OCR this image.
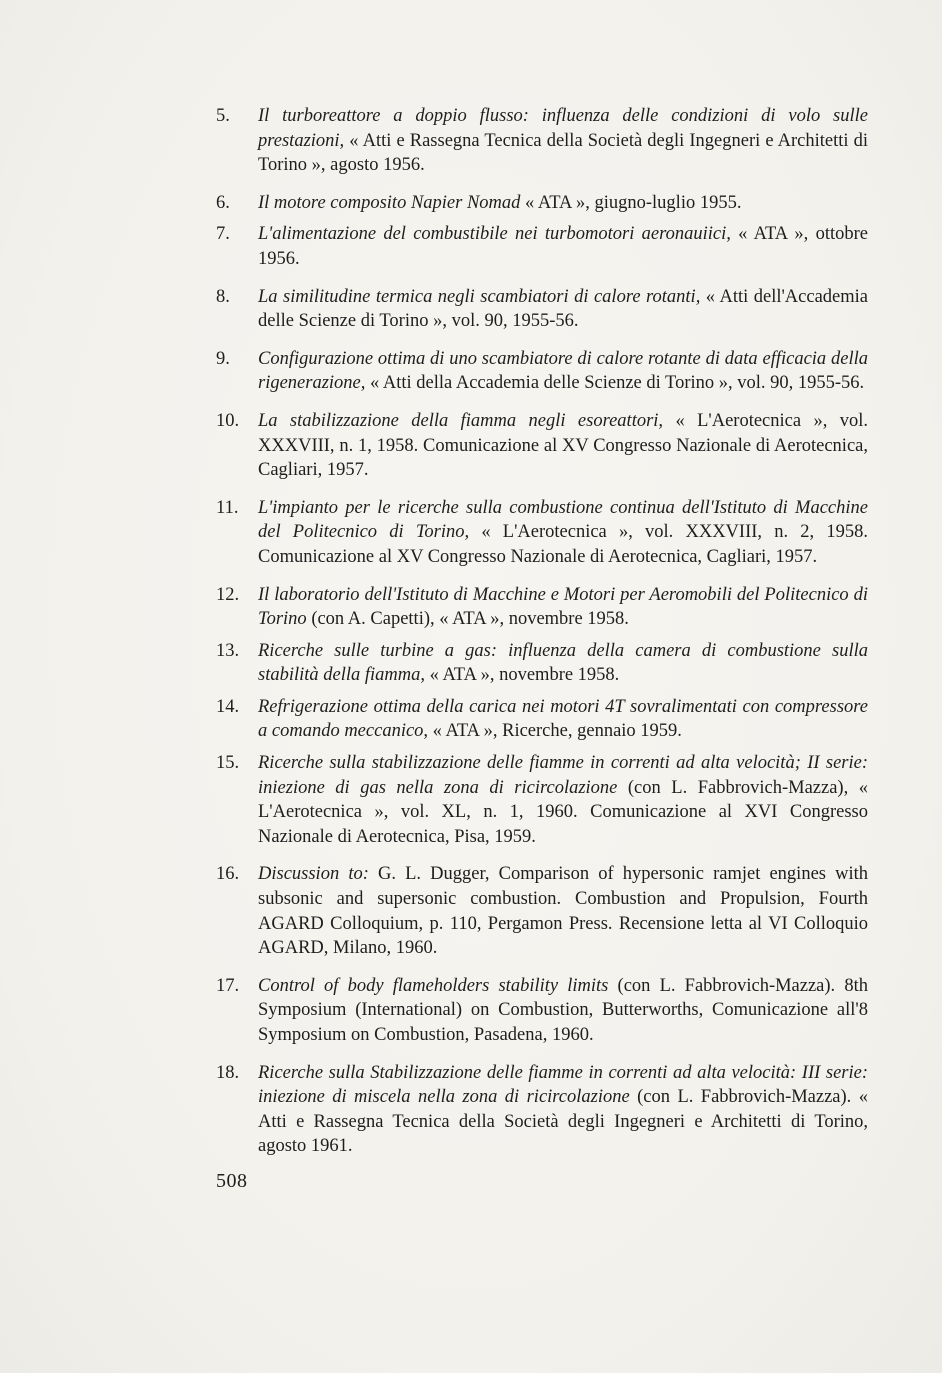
5.	Il turboreattore a doppio flusso: influenza delle condizioni di volo sulle prestazioni, « Atti e Rassegna Tecnica della Società degli Ingegneri e Architetti di Torino », agosto 1956.
6.	Il motore composito Napier Nomad « ATA », giugno-luglio 1955.
7.	L'alimentazione del combustibile nei turbomotori aeronauiici, « ATA », ottobre 1956.
8.	La similitudine termica negli scambiatori di calore rotanti, « Atti dell'Accademia delle Scienze di Torino », vol. 90, 1955-56.
9.	Configurazione ottima di uno scambiatore di calore rotante di data efficacia della rigenerazione, « Atti della Accademia delle Scienze di Torino », vol. 90, 1955-56.
10.	La stabilizzazione della fiamma negli esoreattori, « L'Aerotecnica », vol. XXXVIII, n. 1, 1958. Comunicazione al XV Congresso Nazionale di Aerotecnica, Cagliari, 1957.
11.	L'impianto per le ricerche sulla combustione continua dell'Istituto di Macchine del Politecnico di Torino, « L'Aerotecnica », vol. XXXVIII, n. 2, 1958. Comunicazione al XV Congresso Nazionale di Aerotecnica, Cagliari, 1957.
12.	Il laboratorio dell'Istituto di Macchine e Motori per Aeromobili del Politecnico di Torino (con A. Capetti), « ATA », novembre 1958.
13.	Ricerche sulle turbine a gas: influenza della camera di combustione sulla stabilità della fiamma, « ATA », novembre 1958.
14.	Refrigerazione ottima della carica nei motori 4T sovralimentati con compressore a comando meccanico, « ATA », Ricerche, gennaio 1959.
15.	Ricerche sulla stabilizzazione delle fiamme in correnti ad alta velocità; II serie: iniezione di gas nella zona di ricircolazione (con L. Fabbrovich-Mazza), « L'Aerotecnica », vol. XL, n. 1, 1960. Comunicazione al XVI Congresso Nazionale di Aerotecnica, Pisa, 1959.
16.	Discussion to: G. L. Dugger, Comparison of hypersonic ramjet engines with subsonic and supersonic combustion. Combustion and Propulsion, Fourth AGARD Colloquium, p. 110, Pergamon Press. Recensione letta al VI Colloquio AGARD, Milano, 1960.
17.	Control of body flameholders stability limits (con L. Fabbrovich-Mazza). 8th Symposium (International) on Combustion, Butterworths, Comunicazione all'8 Symposium on Combustion, Pasadena, 1960.
18.	Ricerche sulla Stabilizzazione delle fiamme in correnti ad alta velocità: III serie: iniezione di miscela nella zona di ricircolazione (con L. Fabbrovich-Mazza). « Atti e Rassegna Tecnica della Società degli Ingegneri e Architetti di Torino, agosto 1961.
508
